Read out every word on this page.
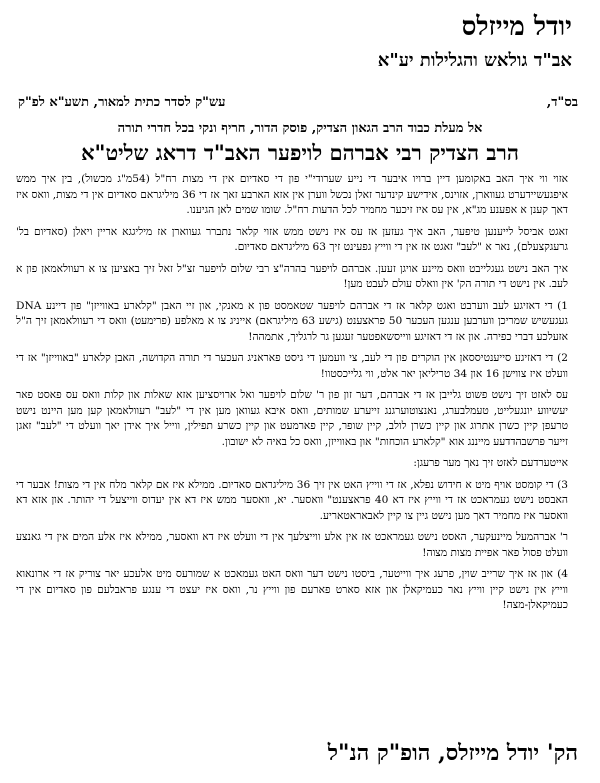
יודל מייזלס
אב"ד גולאש והגלילות יע"א
בס"ד,
עש"ק לסדר כתית למאור, תשע"א לפ"ק
אל מעלת כבוד הרב הגאון הצדיק, פוסק הדור, חריף ונקי בכל חדרי תורה
הרב הצדיק רבי אברהם לויפער האב"ד דראג שליט"א

אזוי ווי איך האב באקומען דיין ברויו איבער די נייע שערודי"י פון די סאדיום אין די מצות רח"ל (54מ"ג מכשול), בין איך ממש איפגעשיידערט געווארן, אזוינס, אידישע קינדער זאלן נכשל ווערן אין אזא הארבע זאך אז די 36 מיליגראם סאדיום אין די מצות, וואס איז דאך קענן א אפענע מג"א, אין עס איז זיכער מחמיר לכל הדעות רח"ל. שומו שמים לאן הגיענו.

זאגט אביסל לייענען טיפער, האב איך געזען אז עס איז נישט ממש אזוי קלאר נתברר געווארן אז מיליגגא אריין ויאלן (סאדיום בל' גרעגקצעלם), נאר א "לעב" זאגט אז אין די ווייץ גפעינט זיך 63 מיליגראם סאדיום.

איך האב נישט געגלייבט וואס מיינע אויגן זעען. אברהם לויפער בהרה"צ רבי שלום לויפער זצ"ל זאל זיך באציען צו א רעוולאמאן פון א לעב. אין נישט די תורה הק' אין וואלס עולם לעבט מען!

1) די דאזיגע לעב ווערבט ואגט קלאר אז די אברהם לויפער שטאמסט פון א מאנקי, און זיי האבן "קלארע באווייזן" פון דיינע DNA געגעשיש שמריכן ווערבען ענגען העכער 50 פראצענט (גישע 63 מיליגראם) אייניג צו א מאלפע (פרימעט) וואס די רעוולאמאן זיך ה"ל אזעלכע דברי כפירה. און אז די דאזיגע ווייסשאפטער זעגען גר לרגליך, אתמהה!

2) די דאזיגע סייענטיססאן אין הוקרים פון די לעב, צי וועמען די גיסט פאראניג העכער די תורה הקדושה, האבן קלארע "באווייזן" אז די וועלט איז צווישן 16 און 34 טריליאן יאר אלט, ווי גלייכסטוו!

עס לאזט זיך נישט פשוט גלייבן אז די אברהם, דער זון פון ר' שלום לויפער ואל ארויסציען אזא שאלות און קלות וואס עס פאסט פאר יעשיווע יונגעלייט, טעמלבערג, נאנצוטוערגנג זייערע שמותים, וואס איבא געוואן מען אין די "לעב" רעוולאמאן קען מען היינט נישט טרעפן קיין כשרן אתרוג און קיין כשרן לולב, קיין שופר, קיין פארמעט און קיין כשרע תפילין, ווייל איך אידן יאך וועלט די "לעב" זאגן זייער פרשבהדדעע מייננג אוא "קלארע הוכחות" און באווייזן, וואס כל באיה לא ישובון.

אייטערדעם לאזט זיך נאך מער פרעגן:

3) די קומסט אויף מיט א חידוש נפלא, אז די ווייץ האט אין זיך 36 מיליגראם סאדיום. ממילא איז אם קלאר מלח אין די מצות! אבער די האבסט נישט געמראכט אז די ווייץ איז דא 40 פראצענט" וואסער. יא, וואסער ממש איז דא אין יעדוס ווייצעל די יהותר. און אזא דא וואסער איז מחמיר דאך מען נישט גיין צו קיין לאבאראטאריע.

ר' אברהמעל מיינעקער, האסט נישט געמראכט אז אין אלע ווייצלעך אין די וועלט איז דא וואסער, ממילא איז אלע המים אין די גאנצע וועלט פסול פאר אפיית מצות מצוה!

4) און אז איך שרייב שוין, פרעג איך ווייטער, ביסטו נישט דער וואס האט געמאכט א שמורעס מיט אלעכע יאר צוריק אז די ארונאוא ווייץ אין נישט קיין ווייץ נאר כעמיקאלן און אזא סארט פארעם פון ווייץ נר, וואס איז יעצט די ענגע פראבלעם פון סאדיום אין די כעמיקאלן-מצה!

הק' יודל מייזלס, הופ"ק הנ"ל
